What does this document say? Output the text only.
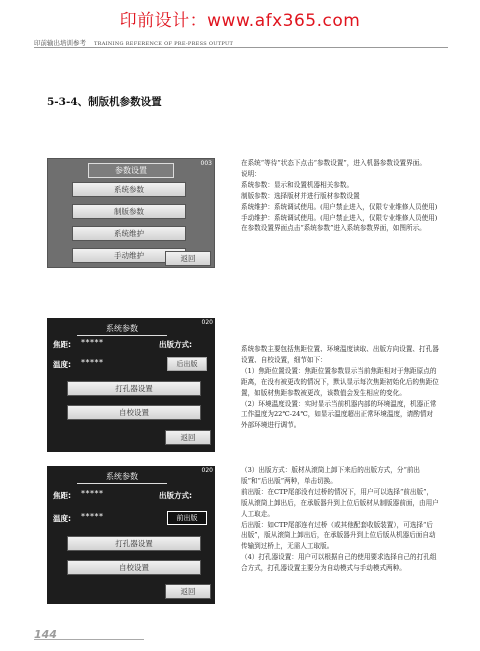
印前设计：www.afx365.com
印前输出培训参考 TRAINING REFERENCE OF PRE-PRESS OUTPUT
5-3-4、制版机参数设置
003
参数设置
系统参数
制版参数
系统维护
手动维护	返回
020
系统参数
焦距: *****	出版方式:
温度: *****	后出版
打孔器设置
自校设置
返回
020
系统参数
焦距: *****	出版方式:
温度: *****	前出版
打孔器设置
自校设置
返回

在系统“等待”状态下点击“参数设置”，进入机器参数设置界面。

说明：

系统参数：显示和设置机器相关参数。

制版参数：选择版材并进行版材参数设置

系统维护：系统调试使用。(用户禁止进入，仅限专业维修人员使用)

手动维护：系统调试使用。(用户禁止进入，仅限专业维修人员使用)

在参数设置界面点击“系统参数”进入系统参数界面，如图所示。

系统参数主要包括焦距位置、环境温度读取、出版方向设置、打孔器设置、自校设置，细节如下：

（1）焦距位置设置：焦距位置参数显示当前焦距相对于焦距原点的距离，在没有被更改的情况下，默认显示每次焦距初始化后的焦距位置，如版材焦距参数被更改，该数值会发生相应的变化。

（2）环境温度设置：实时显示当前机器内部的环境温度，机器正常工作温度为22℃-24℃，如显示温度超出正常环境温度，请酌情对外部环境进行调节。

（3）出版方式：版材从滚筒上卸下来后的出版方式，分“前出版”和“后出版”两种，单击切换。

前出版：在CTP尾部没有过桥的情况下，用户可以选择“前出版”，版从滚筒上卸出后，在承版器升到上位后版材从制版器前面，由用户人工取走。

后出版：如CTP尾部连有过桥（或其他配套收版装置），可选择“后出版”，版从滚筒上卸出后，在承版器升到上位后版从机器后面自动传输到过桥上，无需人工取版。

（4）打孔器设置：用户可以根据自己的使用要求选择自己的打孔组合方式，打孔器设置主要分为自动模式与手动模式两种。

144
